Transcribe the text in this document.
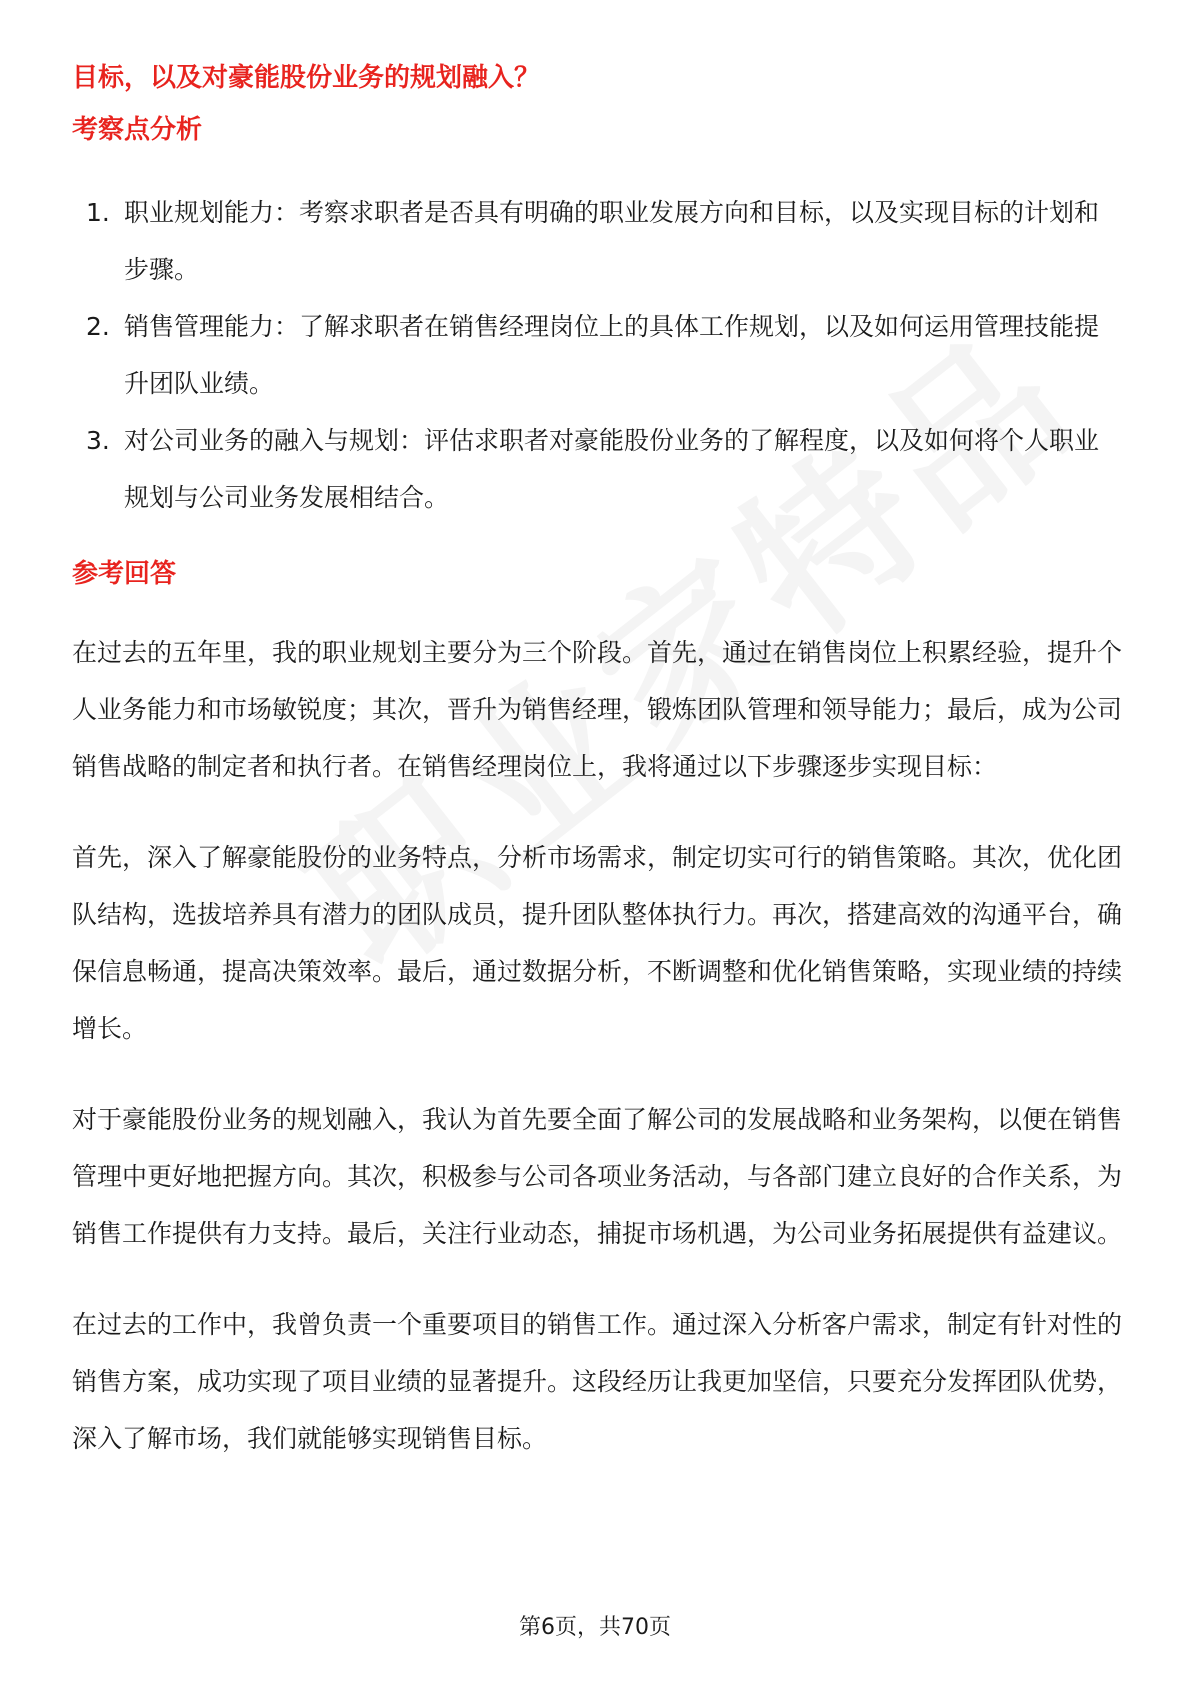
目标，以及对豪能股份业务的规划融入？

考察点分析
1. 职业规划能力：考察求职者是否具有明确的职业发展方向和目标，以及实现目标的计划和步骤。
2. 销售管理能力：了解求职者在销售经理岗位上的具体工作规划，以及如何运用管理技能提升团队业绩。
3. 对公司业务的融入与规划：评估求职者对豪能股份业务的了解程度，以及如何将个人职业规划与公司业务发展相结合。
参考回答

在过去的五年里，我的职业规划主要分为三个阶段。首先，通过在销售岗位上积累经验，提升个人业务能力和市场敏锐度；其次，晋升为销售经理，锻炼团队管理和领导能力；最后，成为公司销售战略的制定者和执行者。在销售经理岗位上，我将通过以下步骤逐步实现目标：

首先，深入了解豪能股份的业务特点，分析市场需求，制定切实可行的销售策略。其次，优化团队结构，选拔培养具有潜力的团队成员，提升团队整体执行力。再次，搭建高效的沟通平台，确保信息畅通，提高决策效率。最后，通过数据分析，不断调整和优化销售策略，实现业绩的持续增长。

对于豪能股份业务的规划融入，我认为首先要全面了解公司的发展战略和业务架构，以便在销售管理中更好地把握方向。其次，积极参与公司各项业务活动，与各部门建立良好的合作关系，为销售工作提供有力支持。最后，关注行业动态，捕捉市场机遇，为公司业务拓展提供有益建议。

在过去的工作中，我曾负责一个重要项目的销售工作。通过深入分析客户需求，制定有针对性的销售方案，成功实现了项目业绩的显著提升。这段经历让我更加坚信，只要充分发挥团队优势，深入了解市场，我们就能够实现销售目标。

第6页，共70页
